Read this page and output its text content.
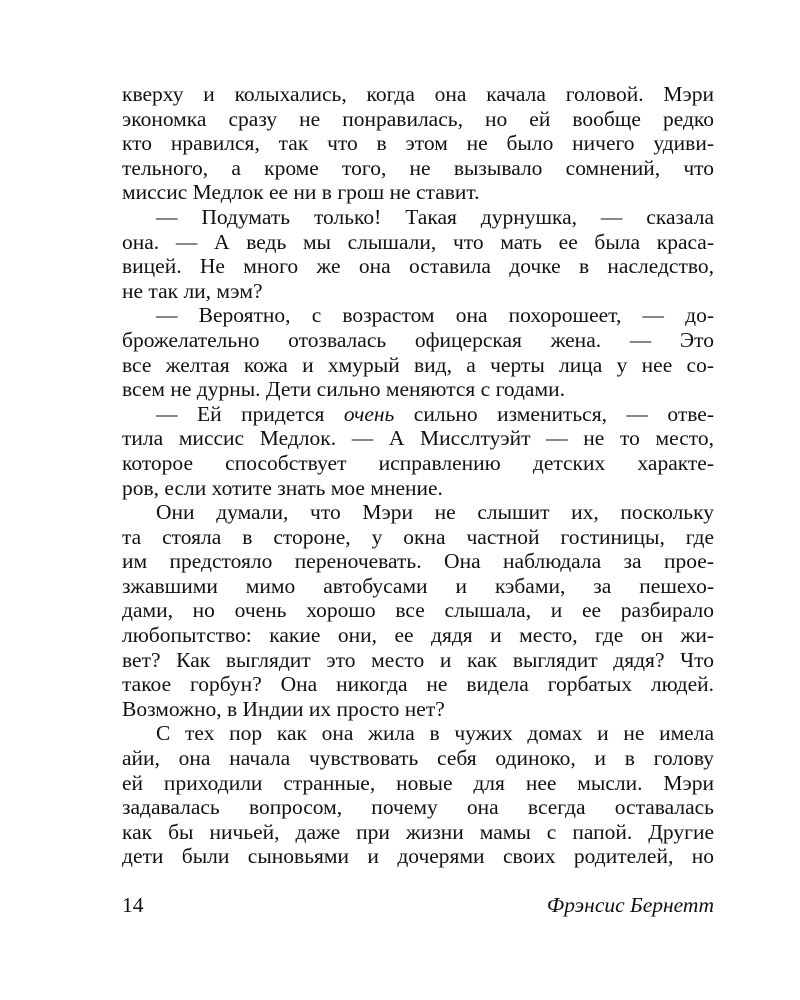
кверху и колыхались, когда она качала головой. Мэри
экономка сразу не понравилась, но ей вообще редко
кто нравился, так что в этом не было ничего удиви-
тельного, а кроме того, не вызывало сомнений, что
миссис Медлок ее ни в грош не ставит.
— Подумать только! Такая дурнушка, — сказала
она. — А ведь мы слышали, что мать ее была краса-
вицей. Не много же она оставила дочке в наследство,
не так ли, мэм?
— Вероятно, с возрастом она похорошеет, — до-
брожелательно отозвалась офицерская жена. — Это
все желтая кожа и хмурый вид, а черты лица у нее со-
всем не дурны. Дети сильно меняются с годами.
— Ей придется очень сильно измениться, — отве-
тила миссис Медлок. — А Мисслтуэйт — не то место,
которое способствует исправлению детских характе-
ров, если хотите знать мое мнение.
Они думали, что Мэри не слышит их, поскольку
та стояла в стороне, у окна частной гостиницы, где
им предстояло переночевать. Она наблюдала за прое-
зжавшими мимо автобусами и кэбами, за пешехо-
дами, но очень хорошо все слышала, и ее разбирало
любопытство: какие они, ее дядя и место, где он жи-
вет? Как выглядит это место и как выглядит дядя? Что
такое горбун? Она никогда не видела горбатых людей.
Возможно, в Индии их просто нет?
С тех пор как она жила в чужих домах и не имела
айи, она начала чувствовать себя одиноко, и в голову
ей приходили странные, новые для нее мысли. Мэри
задавалась вопросом, почему она всегда оставалась
как бы ничьей, даже при жизни мамы с папой. Другие
дети были сыновьями и дочерями своих родителей, но
14	Фрэнсис Бернетт
